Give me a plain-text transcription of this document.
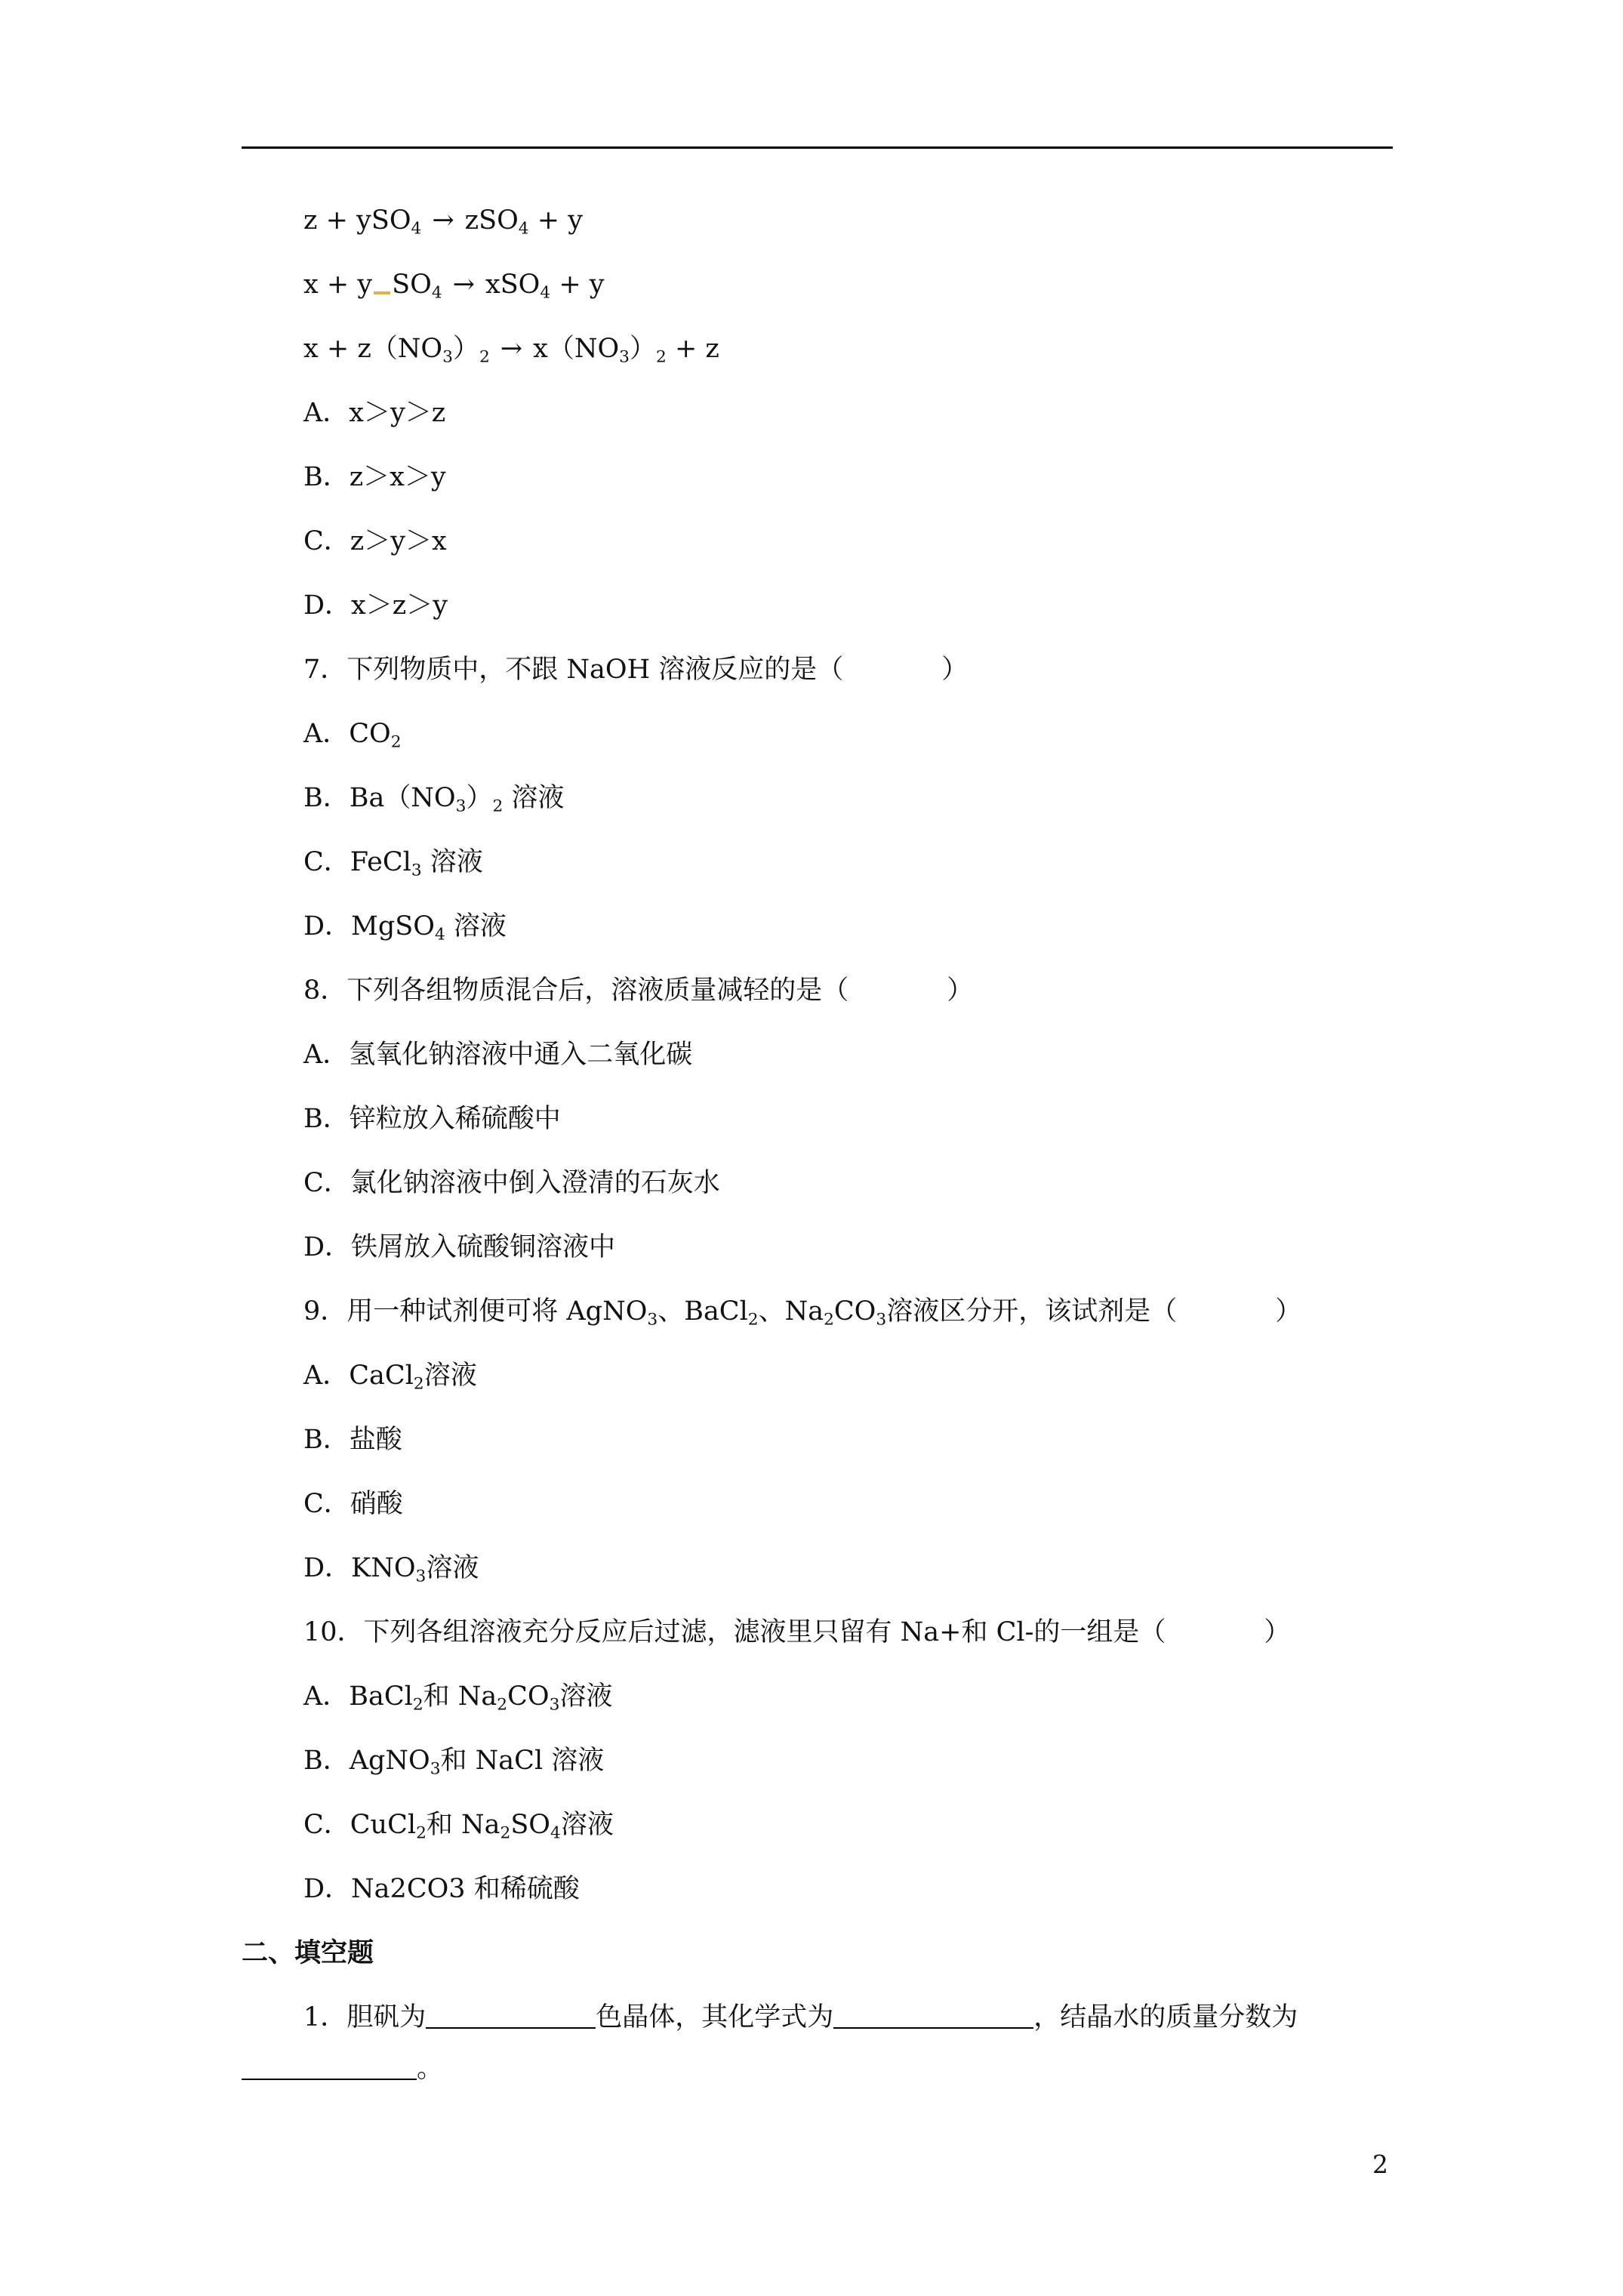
z + ySO$_4$ → zSO$_4$ + y
x + y $SO_4 \to xSO_4 + y$
$x + z(NO_3)_2 \to x(NO_3)_2 + z$
A．x＞y＞z
B．z＞x＞y
C．z＞y＞x
D．x＞z＞y
7．下列物质中，不跟 NaOH 溶液反应的是（	）
A．$CO_2$
B．$Ba(NO_3)_2$ 溶液
C．FeCl$_3$ 溶液
D．MgSO$_4$ 溶液
8．下列各组物质混合后，溶液质量减轻的是（	）
A．氢氧化钠溶液中通入二氧化碳
B．锌粒放入稀硫酸中
C．氯化钠溶液中倒入澄清的石灰水
D．铁屑放入硫酸铜溶液中
9．用一种试剂便可将 AgNO$_3$、BaCl$_2$、$Na_2CO_3$溶液区分开，该试剂是（	）
A．CaCl$_2$溶液
B．盐酸
C．硝酸
D．$KNO_3$溶液
10．下列各组溶液充分反应后过滤，滤液里只留有 Na+和 Cl-的一组是（	）
A．BaCl$_2$和 $Na_2CO_3$溶液
B．AgNO$_3$和 NaCl 溶液
C．CuCl$_2$和 $Na_2SO_4$溶液
D．Na2CO3 和稀硫酸
二、填空题
1．胆矾为	色晶体，其化学式为	，结晶水的质量分数为
。
2
